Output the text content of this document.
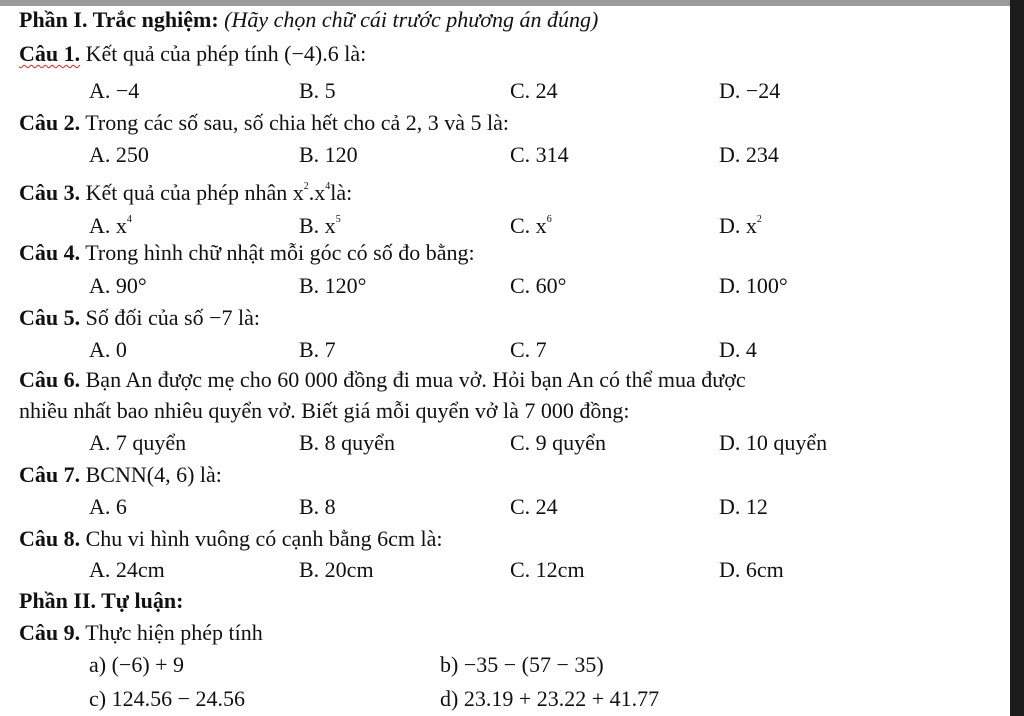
Phần I. Trắc nghiệm: (Hãy chọn chữ cái trước phương án đúng)
Câu 1. Kết quả của phép tính (−4).6 là:
A. −4	B. 5	C. 24	D. −24
Câu 2. Trong các số sau, số chia hết cho cả 2, 3 và 5 là:
A. 250	B. 120	C. 314	D. 234
Câu 3. Kết quả của phép nhân $x^2.x^4là$:
A. $x^4$	B. $x^5$	C. $x^6$	D. $x^2$
Câu 4. Trong hình chữ nhật mỗi góc có số đo bằng:
A. 90°	B. 120°	C. 60°	D. 100°
Câu 5. Số đối của số −7 là:
A. 0	B. 7	C. 7	D. 4
Câu 6. Bạn An được mẹ cho 60 000 đồng đi mua vở. Hỏi bạn An có thể mua được
nhiều nhất bao nhiêu quyển vở. Biết giá mỗi quyển vở là 7 000 đồng:
A. 7 quyển	B. 8 quyển	C. 9 quyển	D. 10 quyển
Câu 7. BCNN(4, 6) là:
A. 6	B. 8	C. 24	D. 12
Câu 8. Chu vi hình vuông có cạnh bằng 6cm là:
A. 24cm	B. 20cm	C. 12cm	D. 6cm
Phần II. Tự luận:
Câu 9. Thực hiện phép tính
a) (−6) + 9	b) −35 − (57 − 35)
c) 124.56 − 24.56	d) 23.19 + 23.22 + 41.77
